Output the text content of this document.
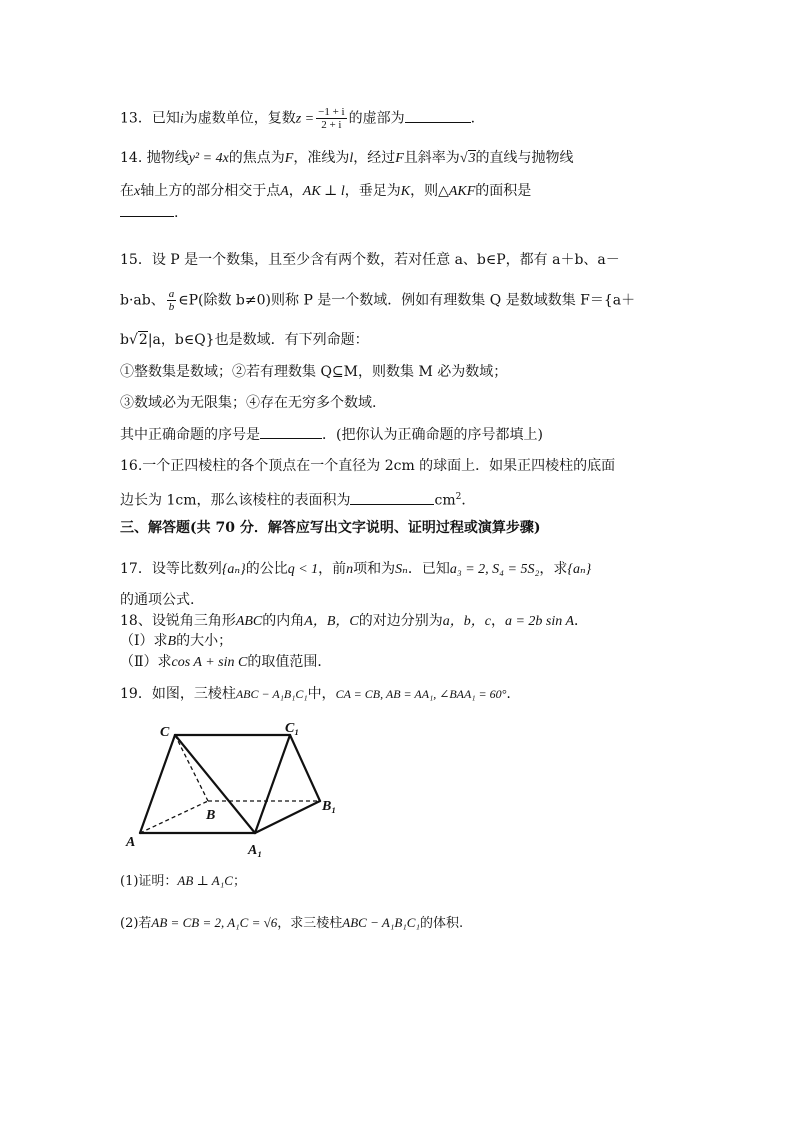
13．已知i为虚数单位，复数$z = \frac{-1 + i}{2 + i}$ 的虚部为	.
14. 抛物线y² = 4x的焦点为F，准线为l，经过F且斜率为√3的直线与抛物线
在x轴上方的部分相交于点A，AK ⊥ l，垂足为K，则△AKF的面积是
.
15．设 P 是一个数集，且至少含有两个数，若对任意 a、b∈P，都有 a＋b、a－
b·ab、 $\frac{a}{b}$ ∈P(除数 b≠0)则称 P 是一个数域．例如有理数集 Q 是数域数集 F＝{a＋
b√2|a，b∈Q}也是数域．有下列命题：
①整数集是数域；②若有理数集 Q⊆M，则数集 M 必为数域；
③数域必为无限集；④存在无穷多个数域.
其中正确命题的序号是	．(把你认为正确命题的序号都填上)
16.一个正四棱柱的各个顶点在一个直径为 2cm 的球面上．如果正四棱柱的底面
边长为 1cm，那么该棱柱的表面积为	$cm^2$．
三、解答题(共 70 分．解答应写出文字说明、证明过程或演算步骤)
17．设等比数列{aₙ}的公比q < 1，前n项和为Sₙ．已知a₃ = 2, S₄ = 5S₂，求{aₙ}
的通项公式.
18、设锐角三角形ABC的内角A，B，C的对边分别为a，b，c，a = 2b sin A．
（Ⅰ）求B的大小；
（Ⅱ）求cos A + sin C的取值范围．
19．如图，三棱柱ABC − A₁B₁C₁中，CA = CB, AB = AA₁, ∠BAA₁ = 60°.
C	C₁
B
B₁
A
A₁
(1)证明：AB ⊥ A₁C；
(2)若AB = CB = 2, A₁C = √6，求三棱柱ABC − A₁B₁C₁的体积.
